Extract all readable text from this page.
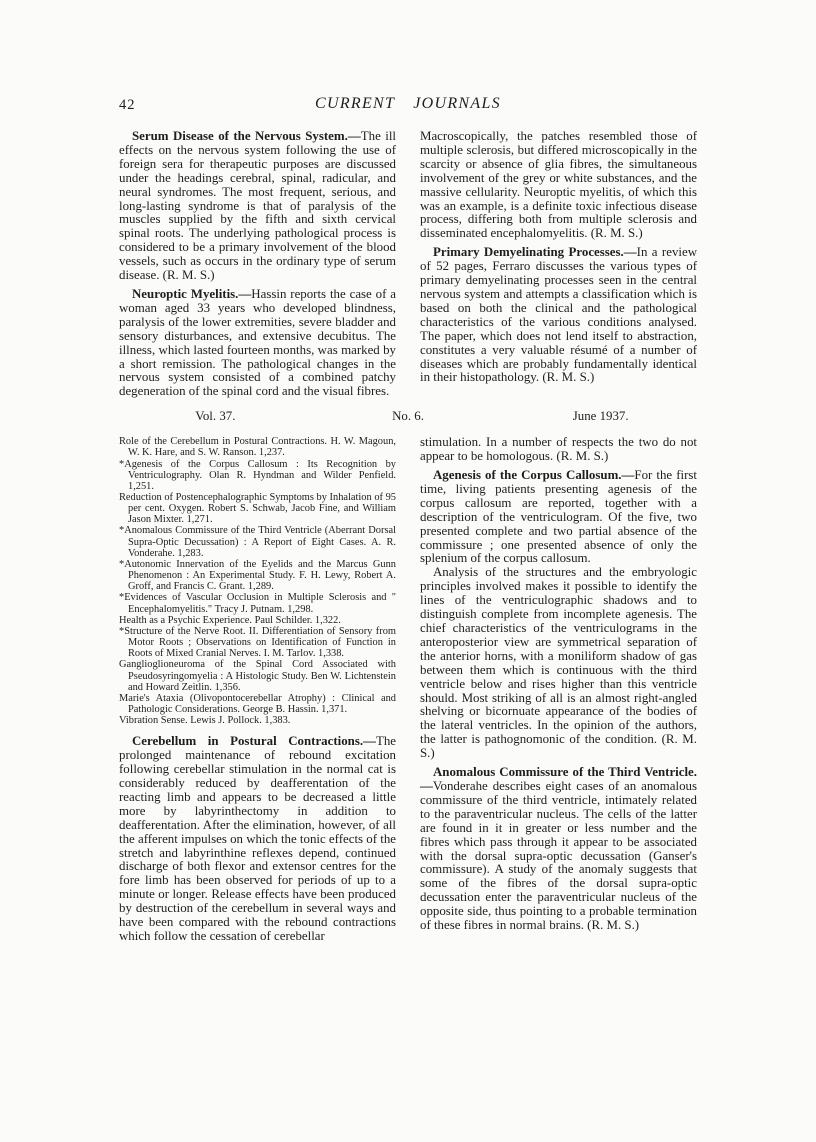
42	CURRENT JOURNALS

Serum Disease of the Nervous System.—The ill effects on the nervous system following the use of foreign sera for therapeutic purposes are discussed under the headings cerebral, spinal, radicular, and neural syndromes. The most frequent, serious, and long-lasting syndrome is that of paralysis of the muscles supplied by the fifth and sixth cervical spinal roots. The underlying pathological process is considered to be a primary involvement of the blood vessels, such as occurs in the ordinary type of serum disease. (R. M. S.)

Neuroptic Myelitis.—Hassin reports the case of a woman aged 33 years who developed blindness, paralysis of the lower extremities, severe bladder and sensory disturbances, and extensive decubitus. The illness, which lasted fourteen months, was marked by a short remission. The pathological changes in the nervous system consisted of a combined patchy degeneration of the spinal cord and the visual fibres.

Macroscopically, the patches resembled those of multiple sclerosis, but differed microscopically in the scarcity or absence of glia fibres, the simultaneous involvement of the grey or white substances, and the massive cellularity. Neuroptic myelitis, of which this was an example, is a definite toxic infectious disease process, differing both from multiple sclerosis and disseminated encephalomyelitis. (R. M. S.)

Primary Demyelinating Processes.—In a review of 52 pages, Ferraro discusses the various types of primary demyelinating processes seen in the central nervous system and attempts a classification which is based on both the clinical and the pathological characteristics of the various conditions analysed. The paper, which does not lend itself to abstraction, constitutes a very valuable résumé of a number of diseases which are probably fundamentally identical in their histopathology. (R. M. S.)

Vol. 37.	No. 6.	June 1937.

Role of the Cerebellum in Postural Contractions. H. W. Magoun, W. K. Hare, and S. W. Ranson. 1,237.

*Agenesis of the Corpus Callosum : Its Recognition by Ventriculography. Olan R. Hyndman and Wilder Penfield. 1,251.

Reduction of Postencephalographic Symptoms by Inhalation of 95 per cent. Oxygen. Robert S. Schwab, Jacob Fine, and William Jason Mixter. 1,271.

*Anomalous Commissure of the Third Ventricle (Aberrant Dorsal Supra-Optic Decussation) : A Report of Eight Cases. A. R. Vonderahe. 1,283.

*Autonomic Innervation of the Eyelids and the Marcus Gunn Phenomenon : An Experimental Study. F. H. Lewy, Robert A. Groff, and Francis C. Grant. 1,289.

*Evidences of Vascular Occlusion in Multiple Sclerosis and " Encephalomyelitis." Tracy J. Putnam. 1,298.

Health as a Psychic Experience. Paul Schilder. 1,322.

*Structure of the Nerve Root. II. Differentiation of Sensory from Motor Roots ; Observations on Identification of Function in Roots of Mixed Cranial Nerves. I. M. Tarlov. 1,338.

Ganglioglioneuroma of the Spinal Cord Associated with Pseudosyringomyelia : A Histologic Study. Ben W. Lichtenstein and Howard Zeitlin. 1,356.

Marie's Ataxia (Olivopontocerebellar Atrophy) : Clinical and Pathologic Considerations. George B. Hassin. 1,371.

Vibration Sense. Lewis J. Pollock. 1,383.

Cerebellum in Postural Contractions.—The prolonged maintenance of rebound excitation following cerebellar stimulation in the normal cat is considerably reduced by deafferentation of the reacting limb and appears to be decreased a little more by labyrinthectomy in addition to deafferentation. After the elimination, however, of all the afferent impulses on which the tonic effects of the stretch and labyrinthine reflexes depend, continued discharge of both flexor and extensor centres for the fore limb has been observed for periods of up to a minute or longer. Release effects have been produced by destruction of the cerebellum in several ways and have been compared with the rebound contractions which follow the cessation of cerebellar

stimulation. In a number of respects the two do not appear to be homologous. (R. M. S.)

Agenesis of the Corpus Callosum.—For the first time, living patients presenting agenesis of the corpus callosum are reported, together with a description of the ventriculogram. Of the five, two presented complete and two partial absence of the commissure ; one presented absence of only the splenium of the corpus callosum.

Analysis of the structures and the embryologic principles involved makes it possible to identify the lines of the ventriculographic shadows and to distinguish complete from incomplete agenesis. The chief characteristics of the ventriculograms in the anteroposterior view are symmetrical separation of the anterior horns, with a moniliform shadow of gas between them which is continuous with the third ventricle below and rises higher than this ventricle should. Most striking of all is an almost right-angled shelving or bicornuate appearance of the bodies of the lateral ventricles. In the opinion of the authors, the latter is pathognomonic of the condition. (R. M. S.)

Anomalous Commissure of the Third Ventricle.—Vonderahe describes eight cases of an anomalous commissure of the third ventricle, intimately related to the paraventricular nucleus. The cells of the latter are found in it in greater or less number and the fibres which pass through it appear to be associated with the dorsal supra-optic decussation (Ganser's commissure). A study of the anomaly suggests that some of the fibres of the dorsal supra-optic decussation enter the paraventricular nucleus of the opposite side, thus pointing to a probable termination of these fibres in normal brains. (R. M. S.)
